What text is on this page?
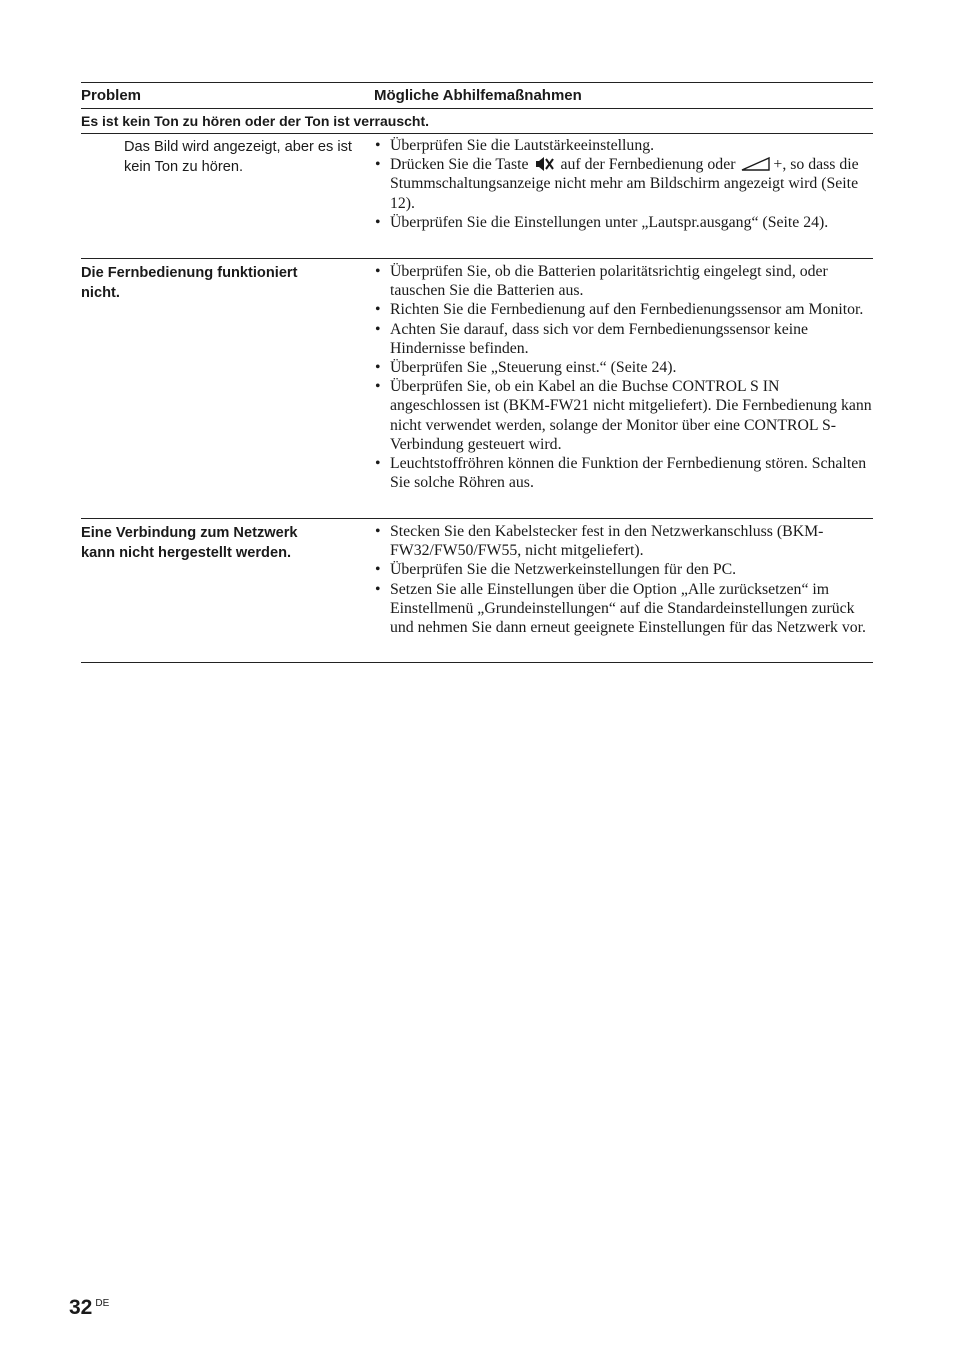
Problem	Mögliche Abhilfemaßnahmen
Es ist kein Ton zu hören oder der Ton ist verrauscht.
Das Bild wird angezeigt, aber es ist kein Ton zu hören.
• Überprüfen Sie die Lautstärkeeinstellung.
• Drücken Sie die Taste auf der Fernbedienung oder +, so dass die Stummschaltungsanzeige nicht mehr am Bildschirm angezeigt wird (Seite 12).
• Überprüfen Sie die Einstellungen unter „Lautspr.ausgang“ (Seite 24).
Die Fernbedienung funktioniert nicht.
• Überprüfen Sie, ob die Batterien polaritätsrichtig eingelegt sind, oder tauschen Sie die Batterien aus.
• Richten Sie die Fernbedienung auf den Fernbedienungssensor am Monitor.
• Achten Sie darauf, dass sich vor dem Fernbedienungssensor keine Hindernisse befinden.
• Überprüfen Sie „Steuerung einst.“ (Seite 24).
• Überprüfen Sie, ob ein Kabel an die Buchse CONTROL S IN angeschlossen ist (BKM-FW21 nicht mitgeliefert). Die Fernbedienung kann nicht verwendet werden, solange der Monitor über eine CONTROL S-Verbindung gesteuert wird.
• Leuchtstoffröhren können die Funktion der Fernbedienung stören. Schalten Sie solche Röhren aus.
Eine Verbindung zum Netzwerk kann nicht hergestellt werden.
• Stecken Sie den Kabelstecker fest in den Netzwerkanschluss (BKM-FW32/FW50/FW55, nicht mitgeliefert).
• Überprüfen Sie die Netzwerkeinstellungen für den PC.
• Setzen Sie alle Einstellungen über die Option „Alle zurücksetzen“ im Einstellmenü „Grundeinstellungen“ auf die Standardeinstellungen zurück und nehmen Sie dann erneut geeignete Einstellungen für das Netzwerk vor.
32 $^{DE}$
